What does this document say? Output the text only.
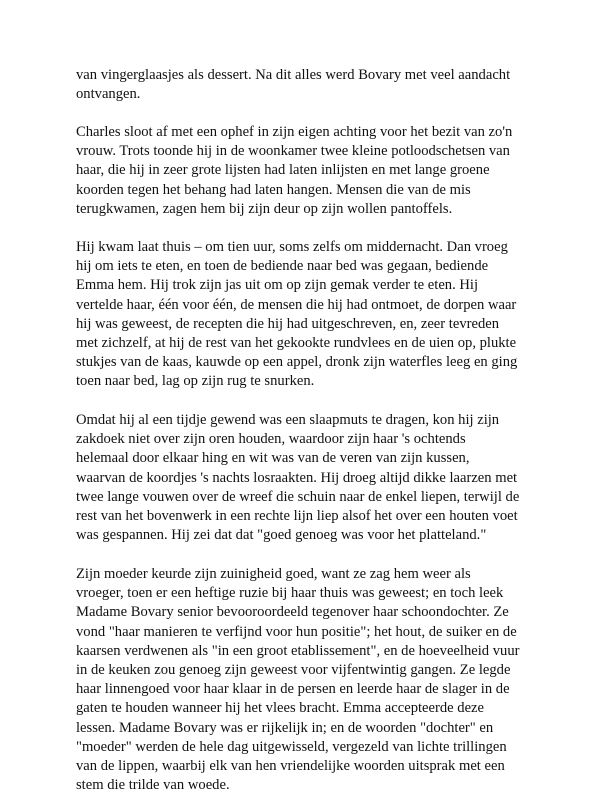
van vingerglaasjes als dessert. Na dit alles werd Bovary met veel aandacht
ontvangen.
Charles sloot af met een ophef in zijn eigen achting voor het bezit van zo'n
vrouw. Trots toonde hij in de woonkamer twee kleine potloodschetsen van
haar, die hij in zeer grote lijsten had laten inlijsten en met lange groene
koorden tegen het behang had laten hangen. Mensen die van de mis
terugkwamen, zagen hem bij zijn deur op zijn wollen pantoffels.
Hij kwam laat thuis – om tien uur, soms zelfs om middernacht. Dan vroeg
hij om iets te eten, en toen de bediende naar bed was gegaan, bediende
Emma hem. Hij trok zijn jas uit om op zijn gemak verder te eten. Hij
vertelde haar, één voor één, de mensen die hij had ontmoet, de dorpen waar
hij was geweest, de recepten die hij had uitgeschreven, en, zeer tevreden
met zichzelf, at hij de rest van het gekookte rundvlees en de uien op, plukte
stukjes van de kaas, kauwde op een appel, dronk zijn waterfles leeg en ging
toen naar bed, lag op zijn rug te snurken.
Omdat hij al een tijdje gewend was een slaapmuts te dragen, kon hij zijn
zakdoek niet over zijn oren houden, waardoor zijn haar 's ochtends
helemaal door elkaar hing en wit was van de veren van zijn kussen,
waarvan de koordjes 's nachts losraakten. Hij droeg altijd dikke laarzen met
twee lange vouwen over de wreef die schuin naar de enkel liepen, terwijl de
rest van het bovenwerk in een rechte lijn liep alsof het over een houten voet
was gespannen. Hij zei dat dat "goed genoeg was voor het platteland."
Zijn moeder keurde zijn zuinigheid goed, want ze zag hem weer als
vroeger, toen er een heftige ruzie bij haar thuis was geweest; en toch leek
Madame Bovary senior bevooroordeeld tegenover haar schoondochter. Ze
vond "haar manieren te verfijnd voor hun positie"; het hout, de suiker en de
kaarsen verdwenen als "in een groot etablissement", en de hoeveelheid vuur
in de keuken zou genoeg zijn geweest voor vijfentwintig gangen. Ze legde
haar linnengoed voor haar klaar in de persen en leerde haar de slager in de
gaten te houden wanneer hij het vlees bracht. Emma accepteerde deze
lessen. Madame Bovary was er rijkelijk in; en de woorden "dochter" en
"moeder" werden de hele dag uitgewisseld, vergezeld van lichte trillingen
van de lippen, waarbij elk van hen vriendelijke woorden uitsprak met een
stem die trilde van woede.
